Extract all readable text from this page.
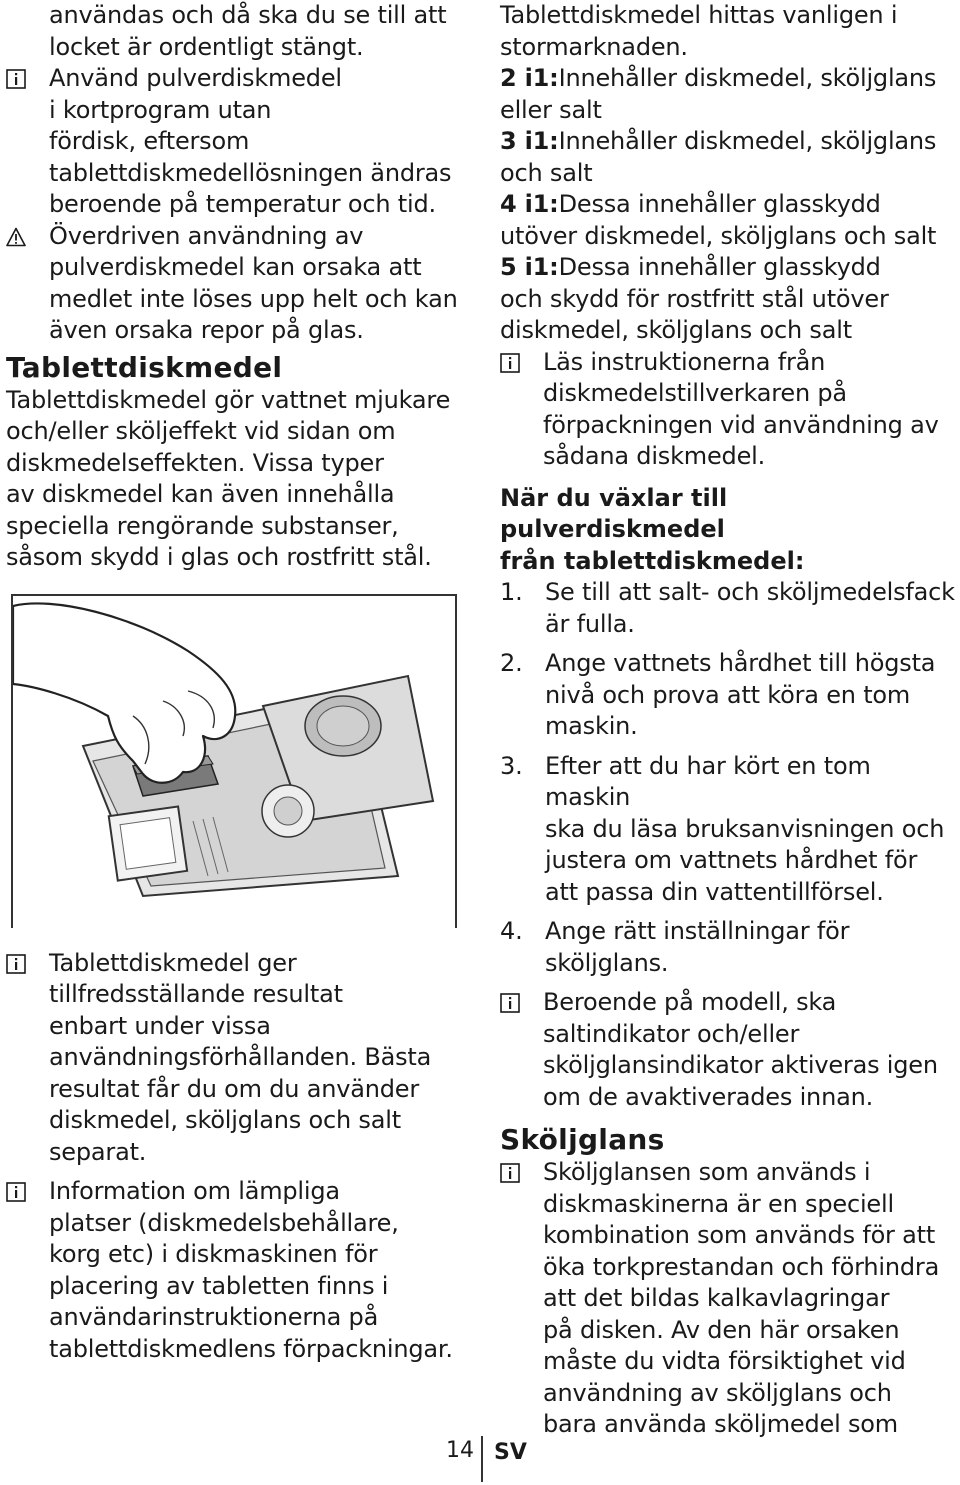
användas och då ska du se till att
locket är ordentligt stängt.
Använd pulverdiskmedel
i kortprogram utan
fördisk, eftersom
tablettdiskmedellösningen ändras
beroende på temperatur och tid.
Överdriven användning av
pulverdiskmedel kan orsaka att
medlet inte löses upp helt och kan
även orsaka repor på glas.
Tablettdiskmedel
Tablettdiskmedel gör vattnet mjukare
och/eller sköljeffekt vid sidan om
diskmedelseffekten. Vissa typer
av diskmedel kan även innehålla
speciella rengörande substanser,
såsom skydd i glas och rostfritt stål.
Tablettdiskmedel ger
tillfredsställande resultat
enbart under vissa
användningsförhållanden. Bästa
resultat får du om du använder
diskmedel, sköljglans och salt
separat.
Information om lämpliga
platser (diskmedelsbehållare,
korg etc) i diskmaskinen för
placering av tabletten finns i
användarinstruktionerna på
tablettdiskmedlens förpackningar.
Tablettdiskmedel hittas vanligen i
stormarknaden.
2 i1:Innehåller diskmedel, sköljglans
eller salt
3 i1:Innehåller diskmedel, sköljglans
och salt
4 i1:Dessa innehåller glasskydd
utöver diskmedel, sköljglans och salt
5 i1:Dessa innehåller glasskydd
och skydd för rostfritt stål utöver
diskmedel, sköljglans och salt
Läs instruktionerna från
diskmedelstillverkaren på
förpackningen vid användning av
sådana diskmedel.
När du växlar till pulverdiskmedel
från tablettdiskmedel:
1. Se till att salt- och sköljmedelsfack
är fulla.
2. Ange vattnets hårdhet till högsta
nivå och prova att köra en tom
maskin.
3. Efter att du har kört en tom maskin
ska du läsa bruksanvisningen och
justera om vattnets hårdhet för
att passa din vattentillförsel.
4. Ange rätt inställningar för
sköljglans.
Beroende på modell, ska
saltindikator och/eller
sköljglansindikator aktiveras igen
om de avaktiverades innan.
Sköljglans
Sköljglansen som används i
diskmaskinerna är en speciell
kombination som används för att
öka torkprestandan och förhindra
att det bildas kalkavlagringar
på disken. Av den här orsaken
måste du vidta försiktighet vid
användning av sköljglans och
bara använda sköljmedel som
14 SV
